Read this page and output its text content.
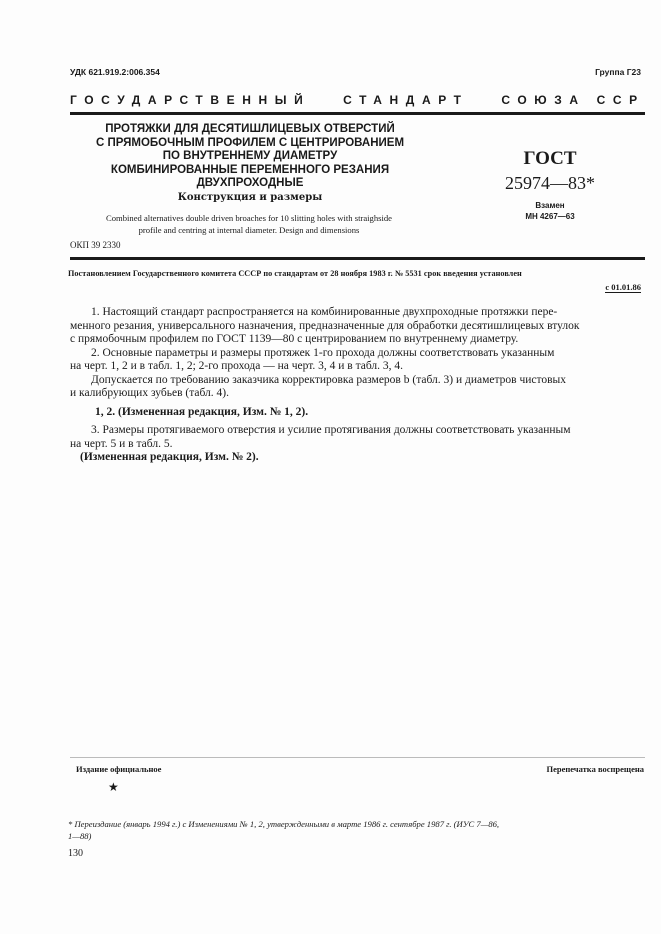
УДК 621.919.2:006.354	Группа Г23
ГОСУДАРСТВЕННЫЙ   СТАНДАРТ   СОЮЗА ССР
ПРОТЯЖКИ ДЛЯ ДЕСЯТИШЛИЦЕВЫХ ОТВЕРСТИЙ
С ПРЯМОБОЧНЫМ ПРОФИЛЕМ С ЦЕНТРИРОВАНИЕМ
ПО ВНУТРЕННЕМУ ДИАМЕТРУ
КОМБИНИРОВАННЫЕ ПЕРЕМЕННОГО РЕЗАНИЯ
ДВУХПРОХОДНЫЕ
Конструкция и размеры
Combined alternatives double driven broaches for 10 slitting holes with straighside
profile and centring at internal diameter. Design and dimensions
ОКП 39 2330
ГОСТ
25974—83*
Взамен
МН 4267—63
Постановлением Государственного комитета СССР по стандартам от 28 ноября 1983 г. № 5531 срок введения установлен
с 01.01.86
1. Настоящий стандарт распространяется на комбинированные двухпроходные протяжки пере-
менного резания, универсального назначения, предназначенные для обработки десятишлицевых втулок
с прямобочным профилем по ГОСТ 1139—80 с центрированием по внутреннему диаметру.
2. Основные параметры и размеры протяжек 1-го прохода должны соответствовать указанным
на черт. 1, 2 и в табл. 1, 2; 2-го прохода — на черт. 3, 4 и в табл. 3, 4.
Допускается по требованию заказчика корректировка размеров b (табл. 3) и диаметров чистовых
и калибрующих зубьев (табл. 4).
1, 2. (Измененная редакция, Изм. № 1, 2).
3. Размеры протягиваемого отверстия и усилие протягивания должны соответствовать указанным
на черт. 5 и в табл. 5.
(Измененная редакция, Изм. № 2).
Издание официальное	Перепечатка воспрещена
★
* Переиздание (январь 1994 г.) с Изменениями № 1, 2, утвержденными в марте 1986 г. сентябре 1987 г. (ИУС 7—86,
1—88)
130
